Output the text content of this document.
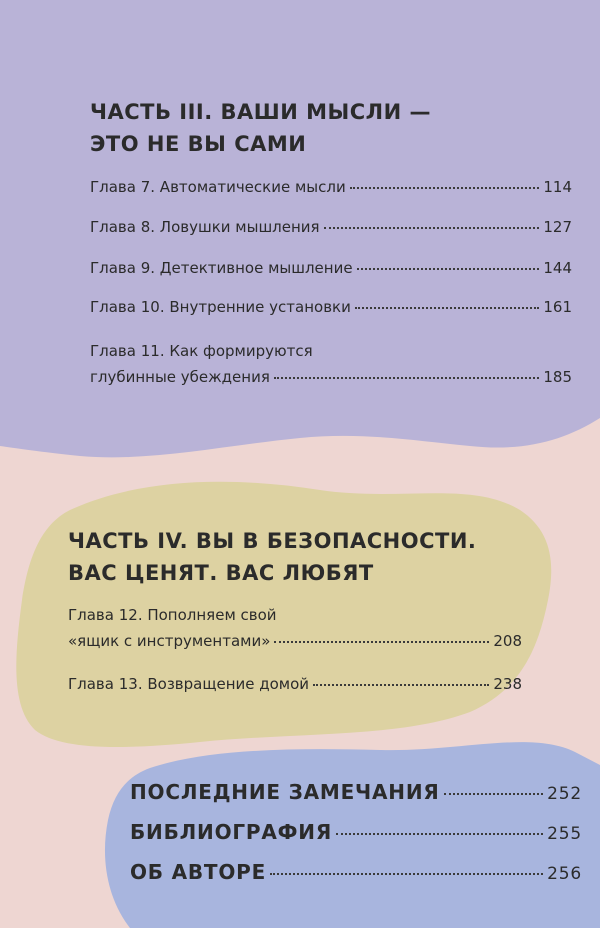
ЧАСТЬ III. ВАШИ МЫСЛИ —
ЭТО НЕ ВЫ САМИ
Глава 7. Автоматические мысли	114
Глава 8. Ловушки мышления	127
Глава 9. Детективное мышление	144
Глава 10. Внутренние установки	161
Глава 11. Как формируются
глубинные убеждения	185
ЧАСТЬ IV. ВЫ В БЕЗОПАСНОСТИ.
ВАС ЦЕНЯТ. ВАС ЛЮБЯТ
Глава 12. Пополняем свой
«ящик с инструментами»	208
Глава 13. Возвращение домой	238
ПОСЛЕДНИЕ ЗАМЕЧАНИЯ	252
БИБЛИОГРАФИЯ	255
ОБ АВТОРЕ	256
